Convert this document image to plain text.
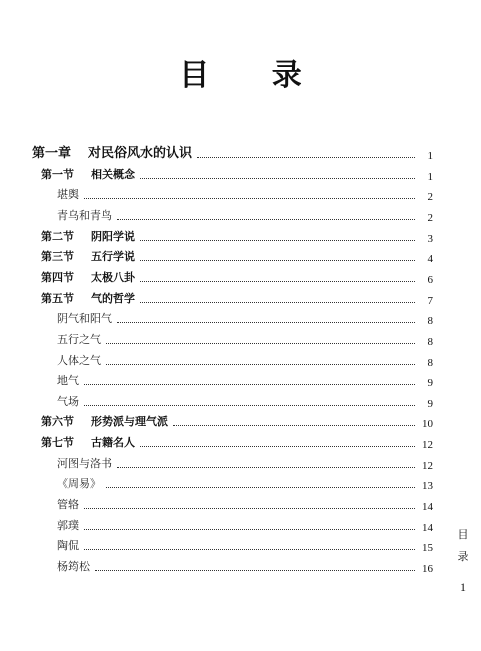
目 录
第一章 对民俗风水的认识	1
第一节 相关概念	1
堪舆	2
青乌和青鸟	2
第二节 阴阳学说	3
第三节 五行学说	4
第四节 太极八卦	6
第五节 气的哲学	7
阴气和阳气	8
五行之气	8
人体之气	8
地气	9
气场	9
第六节 形势派与理气派	10
第七节 古籍名人	12
河图与洛书	12
《周易》	13
管辂	14
郭璞	14
陶侃	15
杨筠松	16
目
录
1
